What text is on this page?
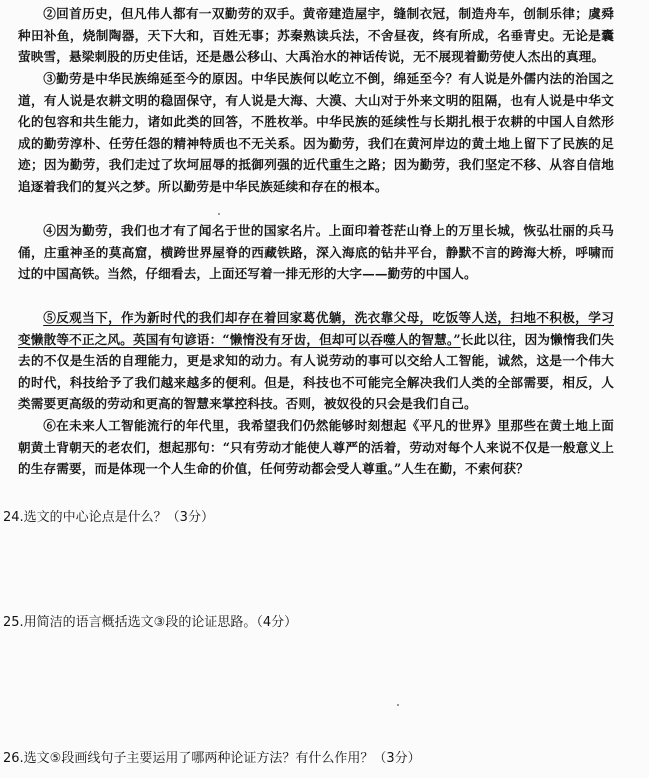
②回首历史，但凡伟人都有一双勤劳的双手。黄帝建造屋宇，缝制衣冠，制造舟车，创制乐律；虞舜种田补鱼，烧制陶器，天下大和，百姓无事；苏秦熟读兵法，不舍昼夜，终有所成，名垂青史。无论是囊萤映雪，悬梁刺股的历史佳话，还是愚公移山、大禹治水的神话传说，无不展现着勤劳使人杰出的真理。

③勤劳是中华民族绵延至今的原因。中华民族何以屹立不倒，绵延至今？有人说是外儒内法的治国之道，有人说是农耕文明的稳固保守，有人说是大海、大漠、大山对于外来文明的阻隔，也有人说是中华文化的包容和共生能力，诸如此类的回答，不胜枚举。中华民族的延续性与长期扎根于农耕的中国人自然形成的勤劳淳朴、任劳任怨的精神特质也不无关系。因为勤劳，我们在黄河岸边的黄土地上留下了民族的足迹；因为勤劳，我们走过了坎坷屈辱的抵御列强的近代重生之路；因为勤劳，我们坚定不移、从容自信地追逐着我们的复兴之梦。所以勤劳是中华民族延续和存在的根本。

④因为勤劳，我们也才有了闻名于世的国家名片。上面印着苍茫山脊上的万里长城，恢弘壮丽的兵马俑，庄重神圣的莫高窟，横跨世界屋脊的西藏铁路，深入海底的钻井平台，静默不言的跨海大桥，呼啸而过的中国高铁。当然，仔细看去，上面还写着一排无形的大字——勤劳的中国人。

⑤反观当下，作为新时代的我们却存在着回家葛优躺，洗衣靠父母，吃饭等人送，扫地不积极，学习变懒散等不正之风。英国有句谚语：“懒惰没有牙齿，但却可以吞噬人的智慧。”长此以往，因为懒惰我们失去的不仅是生活的自理能力，更是求知的动力。有人说劳动的事可以交给人工智能，诚然，这是一个伟大的时代，科技给予了我们越来越多的便利。但是，科技也不可能完全解决我们人类的全部需要，相反，人类需要更高级的劳动和更高的智慧来掌控科技。否则，被奴役的只会是我们自己。

⑥在未来人工智能流行的年代里，我希望我们仍然能够时刻想起《平凡的世界》里那些在黄土地上面朝黄土背朝天的老农们，想起那句：“只有劳动才能使人尊严的活着，劳动对每个人来说不仅是一般意义上的生存需要，而是体现一个人生命的价值，任何劳动都会受人尊重。”人生在勤，不索何获？

24.选文的中心论点是什么？（3分）

25.用简洁的语言概括选文③段的论证思路。（4分）

26.选文⑤段画线句子主要运用了哪两种论证方法？有什么作用？（3分）
